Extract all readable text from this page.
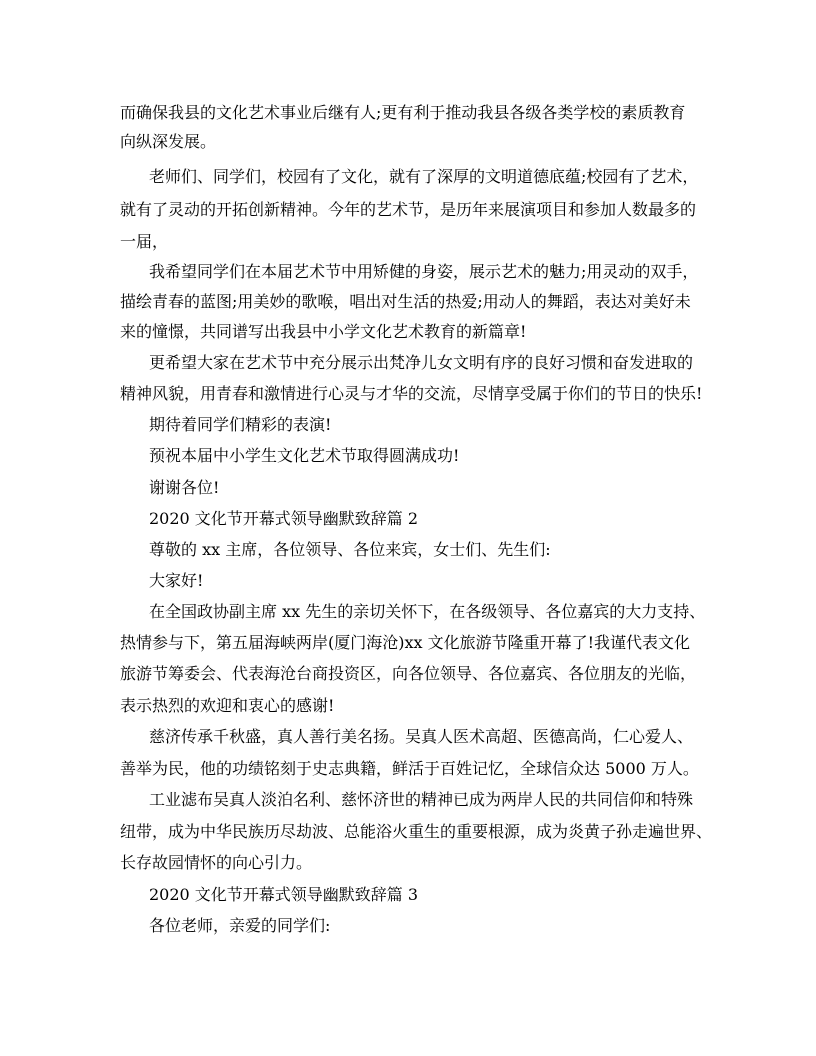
而确保我县的文化艺术事业后继有人;更有利于推动我县各级各类学校的素质教育
向纵深发展。
老师们、同学们，校园有了文化，就有了深厚的文明道德底蕴;校园有了艺术，
就有了灵动的开拓创新精神。今年的艺术节，是历年来展演项目和参加人数最多的
一届，
我希望同学们在本届艺术节中用矫健的身姿，展示艺术的魅力;用灵动的双手，
描绘青春的蓝图;用美妙的歌喉，唱出对生活的热爱;用动人的舞蹈，表达对美好未
来的憧憬，共同谱写出我县中小学文化艺术教育的新篇章!
更希望大家在艺术节中充分展示出梵净儿女文明有序的良好习惯和奋发进取的
精神风貌，用青春和激情进行心灵与才华的交流，尽情享受属于你们的节日的快乐!
期待着同学们精彩的表演!
预祝本届中小学生文化艺术节取得圆满成功!
谢谢各位!
2020 文化节开幕式领导幽默致辞篇 2
尊敬的 xx 主席，各位领导、各位来宾，女士们、先生们:
大家好!
在全国政协副主席 xx 先生的亲切关怀下，在各级领导、各位嘉宾的大力支持、
热情参与下，第五届海峡两岸(厦门海沧)xx 文化旅游节隆重开幕了!我谨代表文化
旅游节筹委会、代表海沧台商投资区，向各位领导、各位嘉宾、各位朋友的光临，
表示热烈的欢迎和衷心的感谢!
慈济传承千秋盛，真人善行美名扬。吴真人医术高超、医德高尚，仁心爱人、
善举为民，他的功绩铭刻于史志典籍，鲜活于百姓记忆，全球信众达 5000 万人。
工业滤布吴真人淡泊名利、慈怀济世的精神已成为两岸人民的共同信仰和特殊
纽带，成为中华民族历尽劫波、总能浴火重生的重要根源，成为炎黄子孙走遍世界、
长存故园情怀的向心引力。
2020 文化节开幕式领导幽默致辞篇 3
各位老师，亲爱的同学们:
